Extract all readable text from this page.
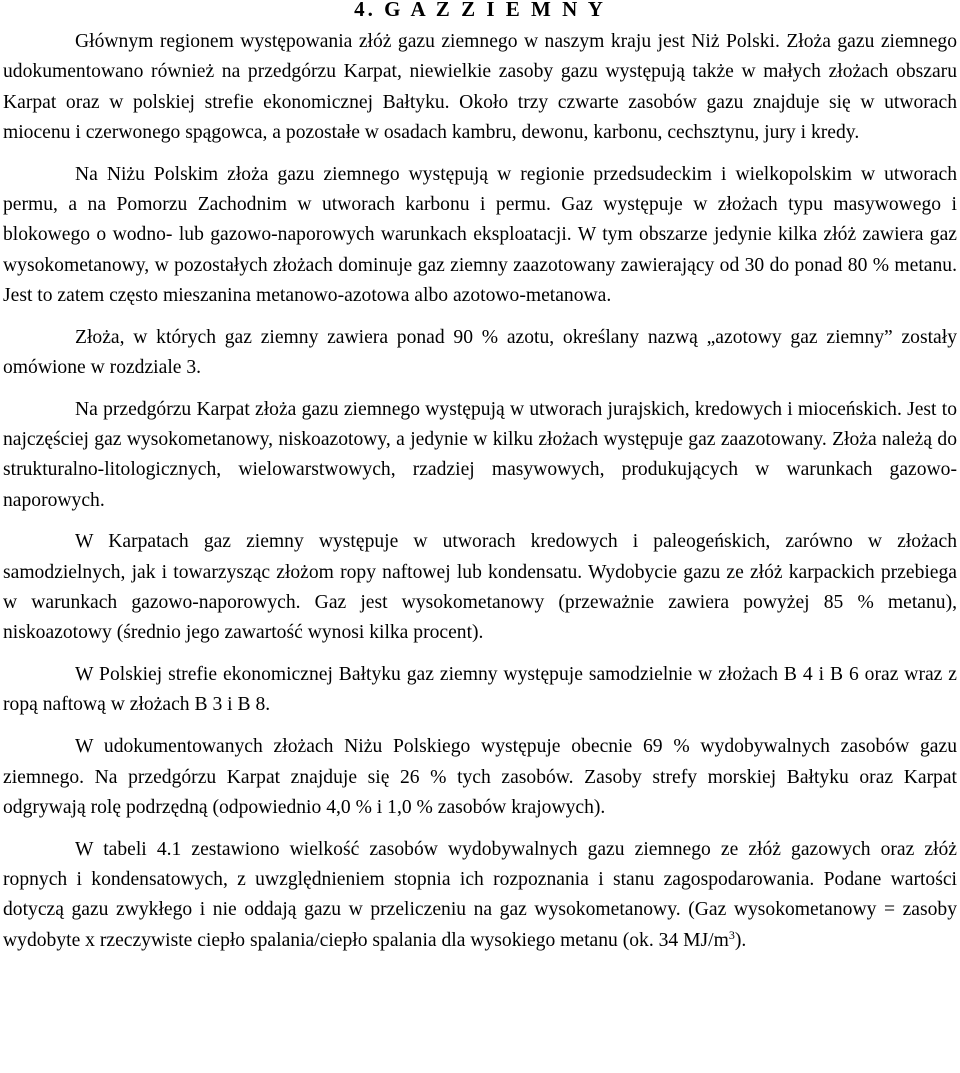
4. G A Z Z I E M N Y

Głównym regionem występowania złóż gazu ziemnego w naszym kraju jest Niż Polski. Złoża gazu ziemnego udokumentowano również na przedgórzu Karpat, niewielkie zasoby gazu występują także w małych złożach obszaru Karpat oraz w polskiej strefie ekonomicznej Bałtyku. Około trzy czwarte zasobów gazu znajduje się w utworach miocenu i czerwonego spągowca, a pozostałe w osadach kambru, dewonu, karbonu, cechsztynu, jury i kredy.

Na Niżu Polskim złoża gazu ziemnego występują w regionie przedsudeckim i wielkopolskim w utworach permu, a na Pomorzu Zachodnim w utworach karbonu i permu. Gaz występuje w złożach typu masywowego i blokowego o wodno- lub gazowo-naporowych warunkach eksploatacji. W tym obszarze jedynie kilka złóż zawiera gaz wysokometanowy, w pozostałych złożach dominuje gaz ziemny zaazotowany zawierający od 30 do ponad 80 % metanu. Jest to zatem często mieszanina metanowo-azotowa albo azotowo-metanowa.

Złoża, w których gaz ziemny zawiera ponad 90 % azotu, określany nazwą „azotowy gaz ziemny” zostały omówione w rozdziale 3.

Na przedgórzu Karpat złoża gazu ziemnego występują w utworach jurajskich, kredowych i mioceńskich. Jest to najczęściej gaz wysokometanowy, niskoazotowy, a jedynie w kilku złożach występuje gaz zaazotowany. Złoża należą do strukturalno-litologicznych, wielowarstwowych, rzadziej masywowych, produkujących w warunkach gazowo-naporowych.

W Karpatach gaz ziemny występuje w utworach kredowych i paleogeńskich, zarówno w złożach samodzielnych, jak i towarzysząc złożom ropy naftowej lub kondensatu. Wydobycie gazu ze złóż karpackich przebiega w warunkach gazowo-naporowych. Gaz jest wysokometanowy (przeważnie zawiera powyżej 85 % metanu), niskoazotowy (średnio jego zawartość wynosi kilka procent).

W Polskiej strefie ekonomicznej Bałtyku gaz ziemny występuje samodzielnie w złożach B 4 i B 6 oraz wraz z ropą naftową w złożach B 3 i B 8.

W udokumentowanych złożach Niżu Polskiego występuje obecnie 69 % wydobywalnych zasobów gazu ziemnego. Na przedgórzu Karpat znajduje się 26 % tych zasobów. Zasoby strefy morskiej Bałtyku oraz Karpat odgrywają rolę podrzędną (odpowiednio 4,0 % i 1,0 % zasobów krajowych).

W tabeli 4.1 zestawiono wielkość zasobów wydobywalnych gazu ziemnego ze złóż gazowych oraz złóż ropnych i kondensatowych, z uwzględnieniem stopnia ich rozpoznania i stanu zagospodarowania. Podane wartości dotyczą gazu zwykłego i nie oddają gazu w przeliczeniu na gaz wysokometanowy. (Gaz wysokometanowy = zasoby wydobyte x rzeczywiste ciepło spalania/ciepło spalania dla wysokiego metanu (ok. 34 $MJ/m^3$).
